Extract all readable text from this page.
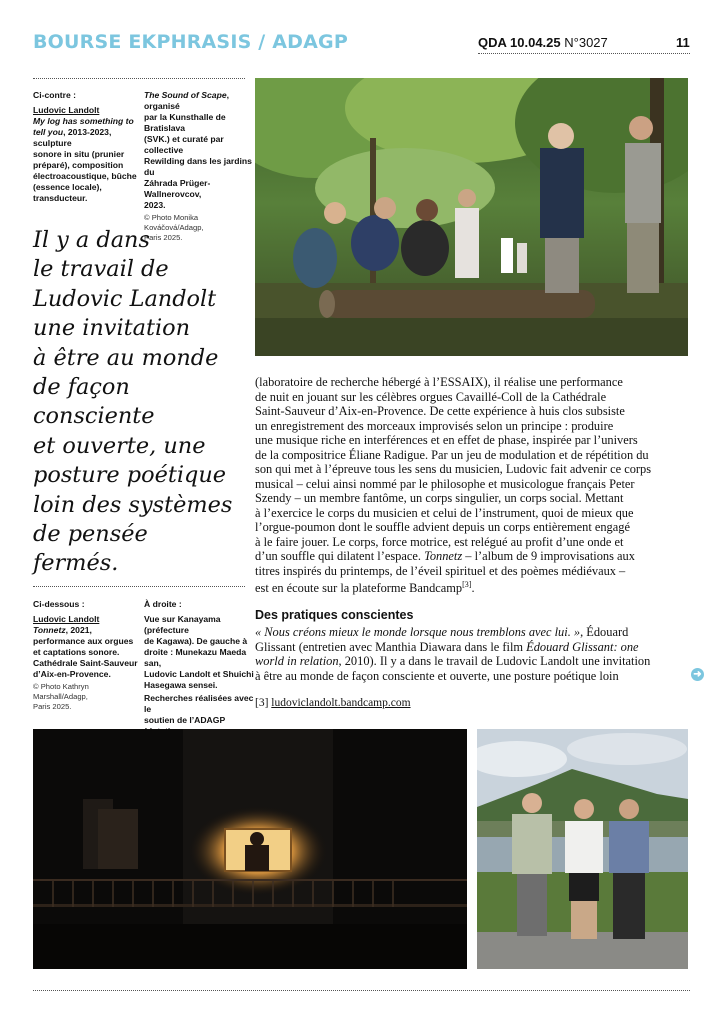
BOURSE EKPHRASIS / ADAGP	QDA 10.04.25 N°3027	11
Ci-contre :
Ludovic Landolt
My log has something to tell you, 2013-2023, sculpture
sonore in situ (prunier
préparé), composition
électroacoustique, bûche
(essence locale), transducteur.
The Sound of Scape, organisé
par la Kunsthalle de Bratislava
(SVK.) et curaté par collective
Rewilding dans les jardins du
Záhrada Prüger-Wallnerovcov,
2023.
© Photo Monika Kováčová/Adagp,
Paris 2025.
Il y a dans
le travail de
Ludovic Landolt
une invitation
à être au monde
de façon
consciente
et ouverte, une
posture poétique
loin des systèmes
de pensée fermés.
(laboratoire de recherche hébergé à l’ESSAIX), il réalise une performance
de nuit en jouant sur les célèbres orgues Cavaillé-Coll de la Cathédrale
Saint-Sauveur d’Aix-en-Provence. De cette expérience à huis clos subsiste
un enregistrement des morceaux improvisés selon un principe : produire
une musique riche en interférences et en effet de phase, inspirée par l’univers
de la compositrice Éliane Radigue. Par un jeu de modulation et de répétition du
son qui met à l’épreuve tous les sens du musicien, Ludovic fait advenir ce corps
musical – celui ainsi nommé par le philosophe et musicologue français Peter
Szendy – un membre fantôme, un corps singulier, un corps social. Mettant
à l’exercice le corps du musicien et celui de l’instrument, quoi de mieux que
l’orgue-poumon dont le souffle advient depuis un corps entièrement engagé
à le faire jouer. Le corps, force motrice, est relégué au profit d’une onde et
d’un souffle qui dilatent l’espace. Tonnetz – l’album de 9 improvisations aux
titres inspirés du printemps, de l’éveil spirituel et des poèmes médiévaux –
est en écoute sur la plateforme Bandcamp[3].
Des pratiques conscientes
« Nous créons mieux le monde lorsque nous tremblons avec lui. », Édouard
Glissant (entretien avec Manthia Diawara dans le film Édouard Glissant: one
world in relation, 2010). Il y a dans le travail de Ludovic Landolt une invitation
à être au monde de façon consciente et ouverte, une posture poétique loin	➜
[3] ludoviclandolt.bandcamp.com
Ci-dessous :
Ludovic Landolt
Tonnetz, 2021,
performance aux orgues
et captations sonore.
Cathédrale Saint-Sauveur
d’Aix-en-Provence.
© Photo Kathryn Marshall/Adagp,
Paris 2025.
À droite :
Vue sur Kanayama (préfecture
de Kagawa). De gauche à
droite : Munekazu Maeda san,
Ludovic Landolt et Shuichi
Hasegawa sensei.
Recherches réalisées avec le
soutien de l’ADAGP
